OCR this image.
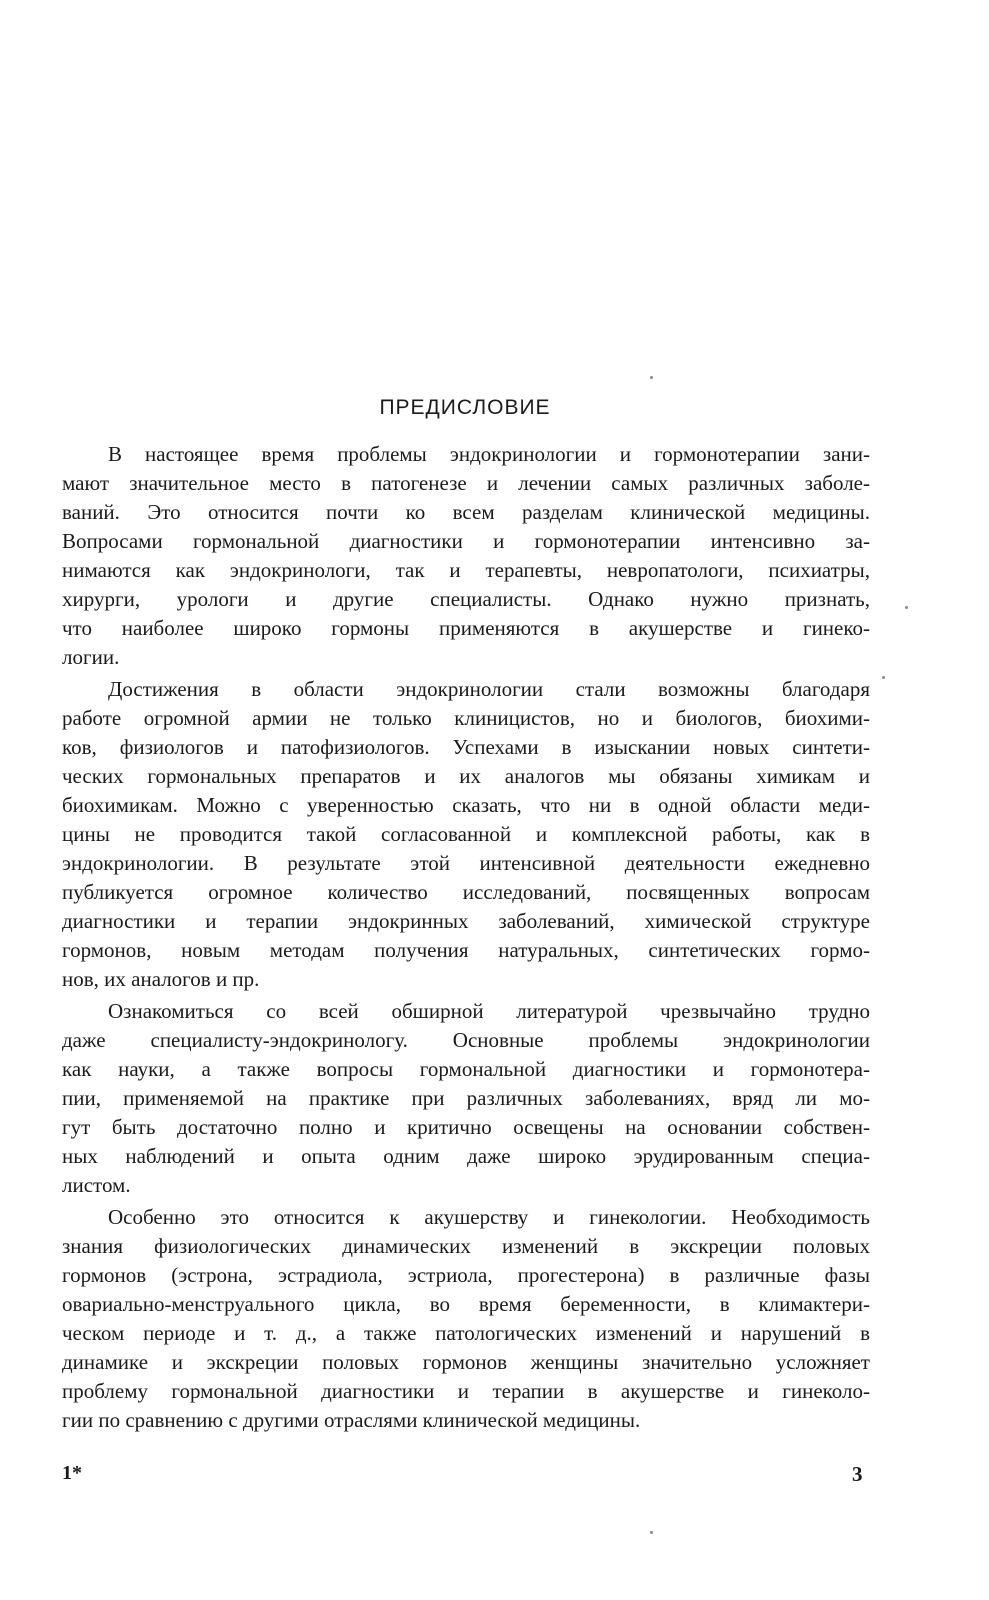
ПРЕДИСЛОВИЕ
В настоящее время проблемы эндокринологии и гормонотерапии зани-
мают значительное место в патогенезе и лечении самых различных заболе-
ваний. Это относится почти ко всем разделам клинической медицины.
Вопросами гормональной диагностики и гормонотерапии интенсивно за-
нимаются как эндокринологи, так и терапевты, невропатологи, психиатры,
хирурги, урологи и другие специалисты. Однако нужно признать,
что наиболее широко гормоны применяются в акушерстве и гинеко-
логии.
Достижения в области эндокринологии стали возможны благодаря
работе огромной армии не только клиницистов, но и биологов, биохими-
ков, физиологов и патофизиологов. Успехами в изыскании новых синтети-
ческих гормональных препаратов и их аналогов мы обязаны химикам и
биохимикам. Можно с уверенностью сказать, что ни в одной области меди-
цины не проводится такой согласованной и комплексной работы, как в
эндокринологии. В результате этой интенсивной деятельности ежедневно
публикуется огромное количество исследований, посвященных вопросам
диагностики и терапии эндокринных заболеваний, химической структуре
гормонов, новым методам получения натуральных, синтетических гормо-
нов, их аналогов и пр.
Ознакомиться со всей обширной литературой чрезвычайно трудно
даже специалисту-эндокринологу. Основные проблемы эндокринологии
как науки, а также вопросы гормональной диагностики и гормонотера-
пии, применяемой на практике при различных заболеваниях, вряд ли мо-
гут быть достаточно полно и критично освещены на основании собствен-
ных наблюдений и опыта одним даже широко эрудированным специа-
листом.
Особенно это относится к акушерству и гинекологии. Необходимость
знания физиологических динамических изменений в экскреции половых
гормонов (эстрона, эстрадиола, эстриола, прогестерона) в различные фазы
овариально-менструального цикла, во время беременности, в климактери-
ческом периоде и т. д., а также патологических изменений и нарушений в
динамике и экскреции половых гормонов женщины значительно усложняет
проблему гормональной диагностики и терапии в акушерстве и гинеколо-
гии по сравнению с другими отраслями клинической медицины.
1*	3
